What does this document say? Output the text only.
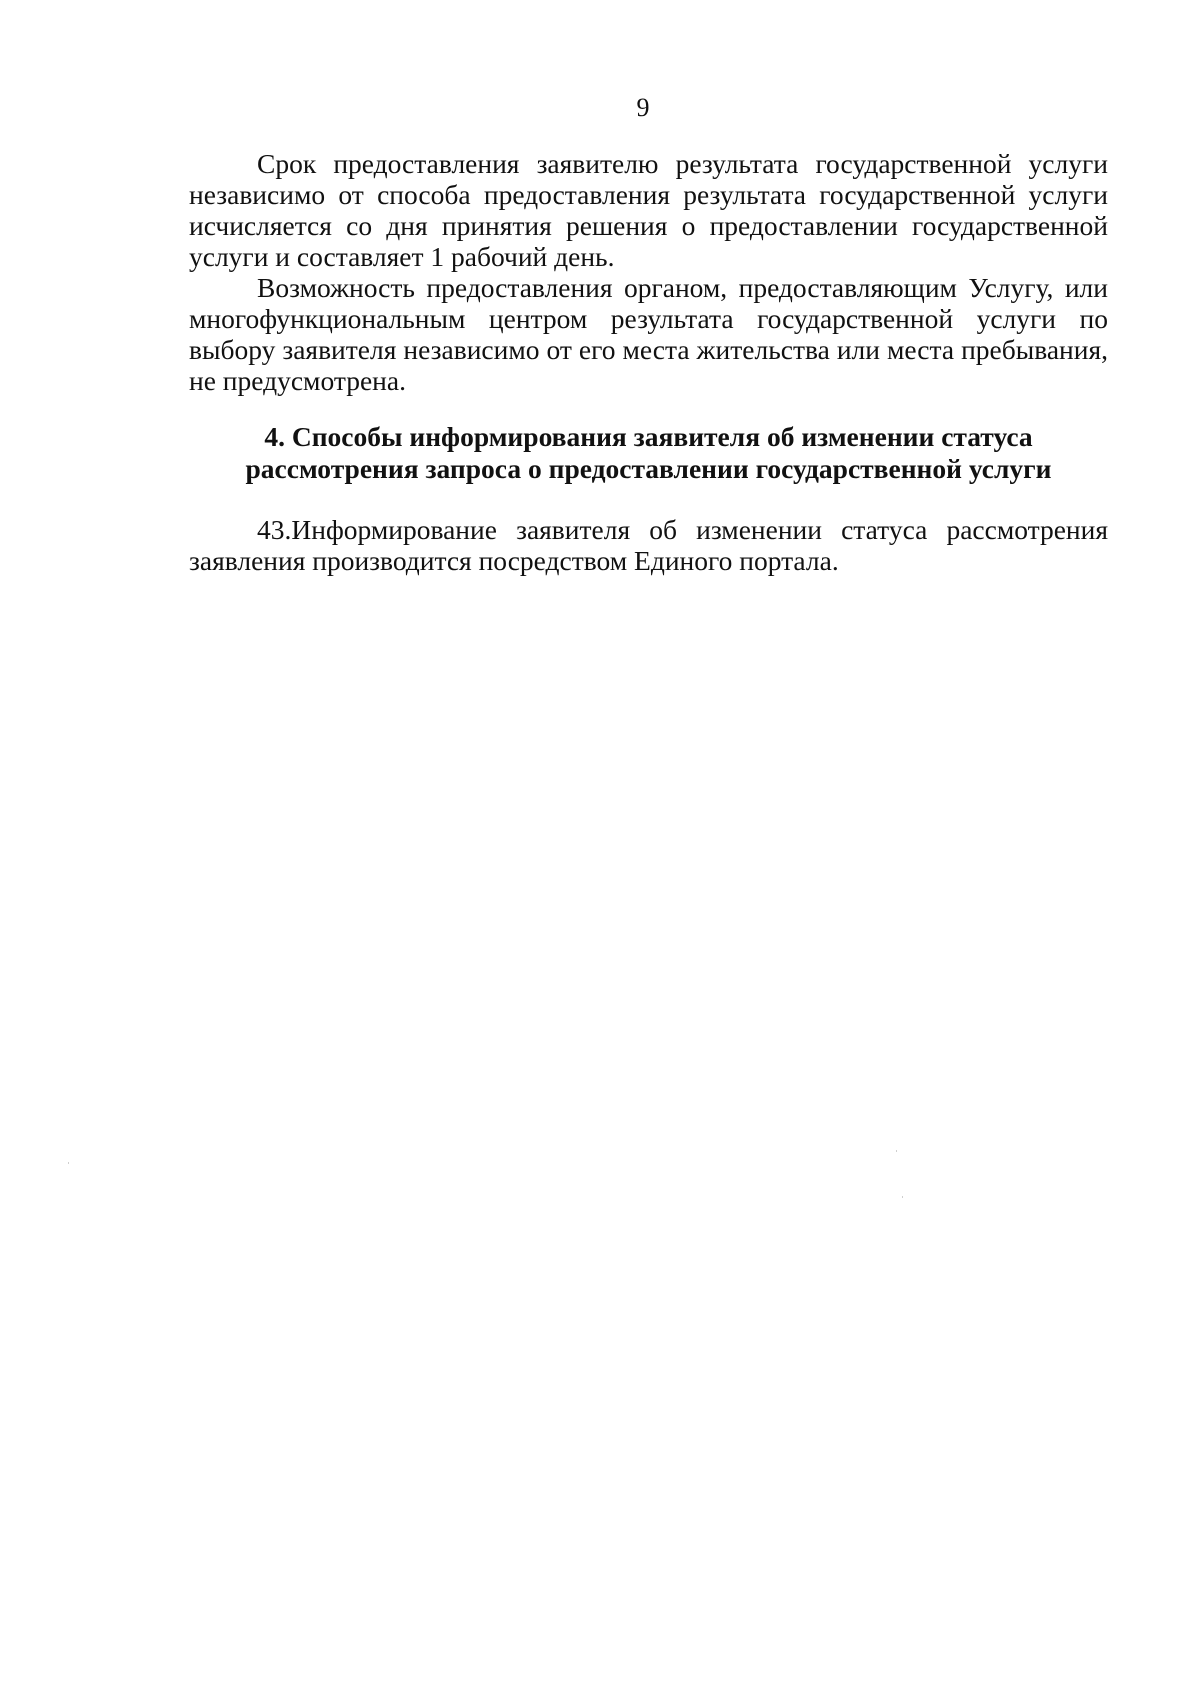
9

Срок предоставления заявителю результата государственной услуги независимо от способа предоставления результата государственной услуги исчисляется со дня принятия решения о предоставлении государственной услуги и составляет 1 рабочий день.

Возможность предоставления органом, предоставляющим Услугу, или многофункциональным центром результата государственной услуги по выбору заявителя независимо от его места жительства или места пребывания, не предусмотрена.

4. Способы информирования заявителя об изменении статуса
рассмотрения запроса о предоставлении государственной услуги

43.Информирование заявителя об изменении статуса рассмотрения заявления производится посредством Единого портала.
